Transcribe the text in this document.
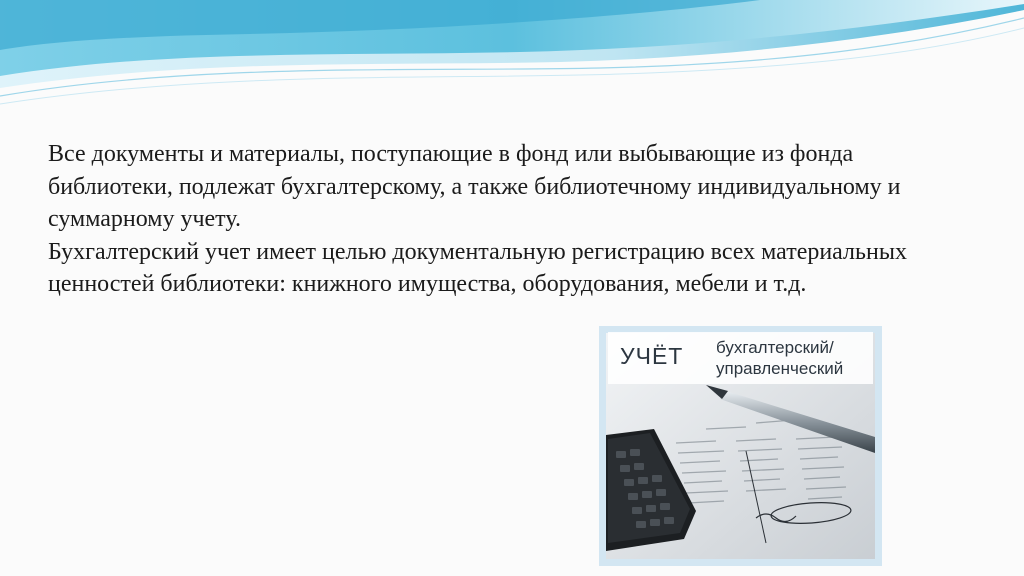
Все документы и материалы, поступающие в фонд или выбывающие из фонда библиотеки, подлежат бухгалтерскому, а также библиотечному индивидуальному и суммарному учету.

Бухгалтерский учет имеет целью документальную регистрацию всех материальных ценностей библиотеки: книжного имущества, оборудования, мебели и т.д.

УЧЁТ бухгалтерский/
управленческий
